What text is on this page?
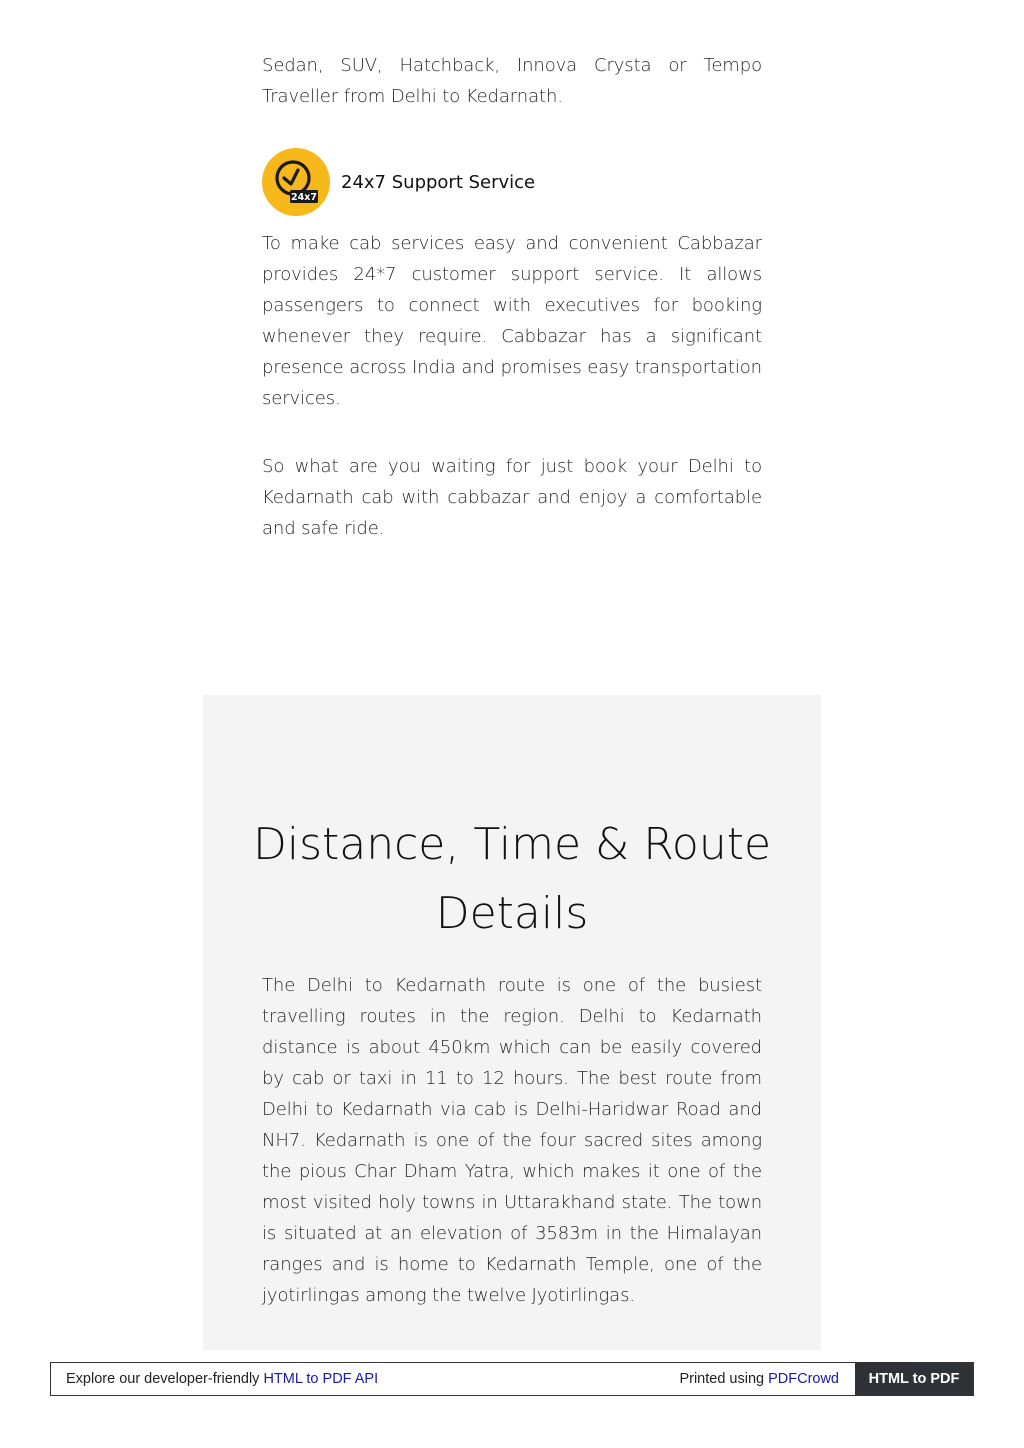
Sedan, SUV, Hatchback, Innova Crysta or Tempo Traveller from Delhi to Kedarnath.

24x7
24x7 Support Service

To make cab services easy and convenient Cabbazar provides 24*7 customer support service. It allows passengers to connect with executives for booking whenever they require. Cabbazar has a significant presence across India and promises easy transportation services.

So what are you waiting for just book your Delhi to Kedarnath cab with cabbazar and enjoy a comfortable and safe ride.

Distance, Time & Route Details

The Delhi to Kedarnath route is one of the busiest travelling routes in the region. Delhi to Kedarnath distance is about 450km which can be easily covered by cab or taxi in 11 to 12 hours. The best route from Delhi to Kedarnath via cab is Delhi-Haridwar Road and NH7. Kedarnath is one of the four sacred sites among the pious Char Dham Yatra, which makes it one of the most visited holy towns in Uttarakhand state. The town is situated at an elevation of 3583m in the Himalayan ranges and is home to Kedarnath Temple, one of the jyotirlingas among the twelve Jyotirlingas.

Explore our developer-friendly HTML to PDF API	Printed using PDFCrowd	HTML to PDF
